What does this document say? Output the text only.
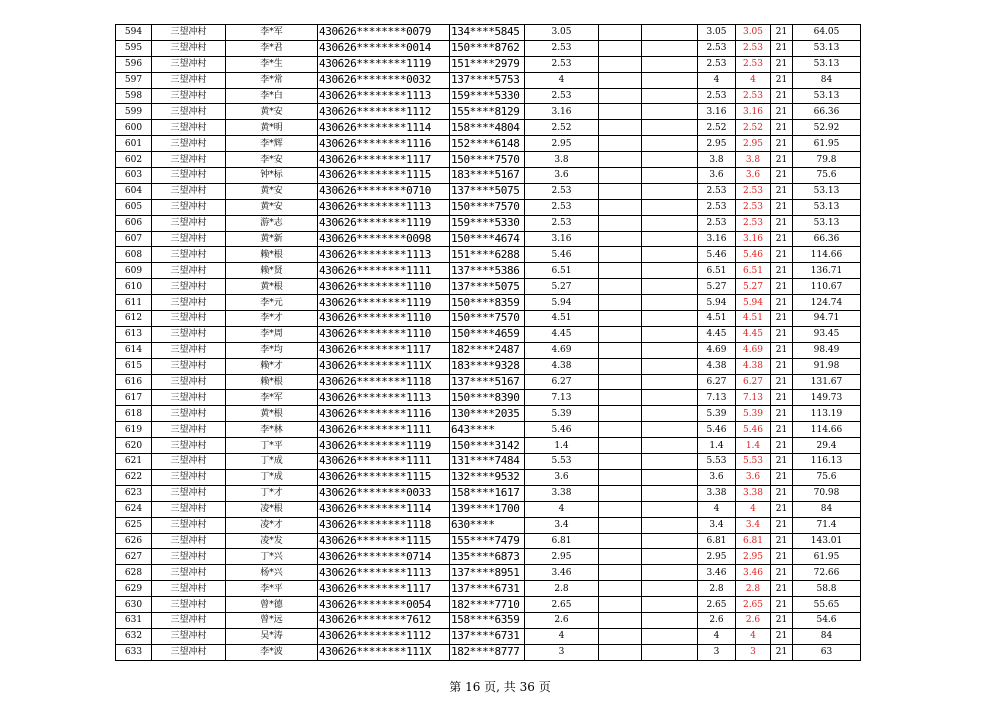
594	三望冲村	李*军	430626********0079	134****5845	3.05			3.05	3.05	21	64.05
595	三望冲村	李*君	430626********0014	150****8762	2.53			2.53	2.53	21	53.13
596	三望冲村	李*生	430626********1119	151****2979	2.53			2.53	2.53	21	53.13
597	三望冲村	李*常	430626********0032	137****5753	4			4	4	21	84
598	三望冲村	李*白	430626********1113	159****5330	2.53			2.53	2.53	21	53.13
599	三望冲村	黄*安	430626********1112	155****8129	3.16			3.16	3.16	21	66.36
600	三望冲村	黄*明	430626********1114	158****4804	2.52			2.52	2.52	21	52.92
601	三望冲村	李*辉	430626********1116	152****6148	2.95			2.95	2.95	21	61.95
602	三望冲村	李*安	430626********1117	150****7570	3.8			3.8	3.8	21	79.8
603	三望冲村	钟*标	430626********1115	183****5167	3.6			3.6	3.6	21	75.6
604	三望冲村	黄*安	430626********0710	137****5075	2.53			2.53	2.53	21	53.13
605	三望冲村	黄*安	430626********1113	150****7570	2.53			2.53	2.53	21	53.13
606	三望冲村	游*志	430626********1119	159****5330	2.53			2.53	2.53	21	53.13
607	三望冲村	黄*新	430626********0098	150****4674	3.16			3.16	3.16	21	66.36
608	三望冲村	赖*根	430626********1113	151****6288	5.46			5.46	5.46	21	114.66
609	三望冲村	赖*贤	430626********1111	137****5386	6.51			6.51	6.51	21	136.71
610	三望冲村	黄*根	430626********1110	137****5075	5.27			5.27	5.27	21	110.67
611	三望冲村	李*元	430626********1119	150****8359	5.94			5.94	5.94	21	124.74
612	三望冲村	李*才	430626********1110	150****7570	4.51			4.51	4.51	21	94.71
613	三望冲村	李*周	430626********1110	150****4659	4.45			4.45	4.45	21	93.45
614	三望冲村	李*均	430626********1117	182****2487	4.69			4.69	4.69	21	98.49
615	三望冲村	赖*才	430626********111X	183****9328	4.38			4.38	4.38	21	91.98
616	三望冲村	赖*根	430626********1118	137****5167	6.27			6.27	6.27	21	131.67
617	三望冲村	李*军	430626********1113	150****8390	7.13			7.13	7.13	21	149.73
618	三望冲村	黄*根	430626********1116	130****2035	5.39			5.39	5.39	21	113.19
619	三望冲村	李*林	430626********1111	643****	5.46			5.46	5.46	21	114.66
620	三望冲村	丁*平	430626********1119	150****3142	1.4			1.4	1.4	21	29.4
621	三望冲村	丁*成	430626********1111	131****7484	5.53			5.53	5.53	21	116.13
622	三望冲村	丁*成	430626********1115	132****9532	3.6			3.6	3.6	21	75.6
623	三望冲村	丁*才	430626********0033	158****1617	3.38			3.38	3.38	21	70.98
624	三望冲村	凌*根	430626********1114	139****1700	4			4	4	21	84
625	三望冲村	凌*才	430626********1118	630****	3.4			3.4	3.4	21	71.4
626	三望冲村	凌*发	430626********1115	155****7479	6.81			6.81	6.81	21	143.01
627	三望冲村	丁*兴	430626********0714	135****6873	2.95			2.95	2.95	21	61.95
628	三望冲村	杨*兴	430626********1113	137****8951	3.46			3.46	3.46	21	72.66
629	三望冲村	李*平	430626********1117	137****6731	2.8			2.8	2.8	21	58.8
630	三望冲村	曾*德	430626********0054	182****7710	2.65			2.65	2.65	21	55.65
631	三望冲村	曾*远	430626********7612	158****6359	2.6			2.6	2.6	21	54.6
632	三望冲村	吴*涛	430626********1112	137****6731	4			4	4	21	84
633	三望冲村	李*波	430626********111X	182****8777	3			3	3	21	63
第 16 页, 共 36 页
